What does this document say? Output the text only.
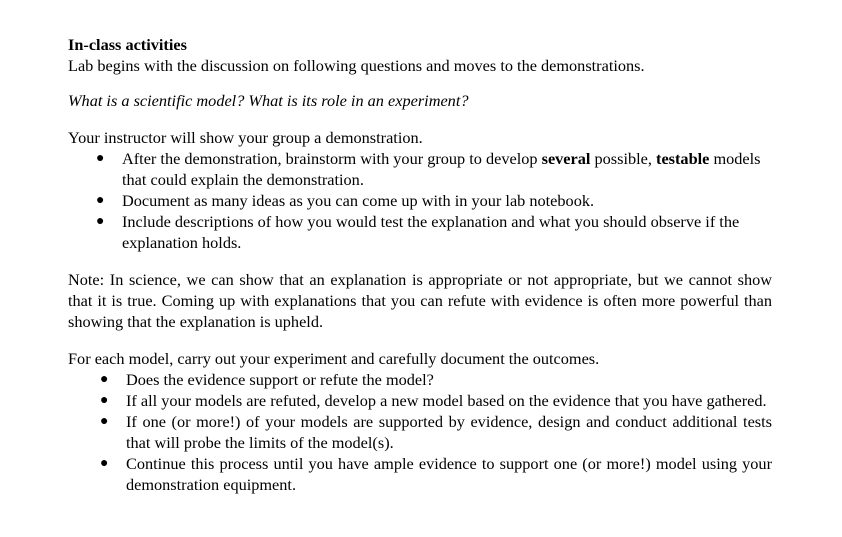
In-class activities

Lab begins with the discussion on following questions and moves to the demonstrations.

What is a scientific model? What is its role in an experiment?

Your instructor will show your group a demonstration.

● After the demonstration, brainstorm with your group to develop several possible, testable models that could explain the demonstration.
● Document as many ideas as you can come up with in your lab notebook.
● Include descriptions of how you would test the explanation and what you should observe if the explanation holds.

Note: In science, we can show that an explanation is appropriate or not appropriate, but we cannot show that it is true. Coming up with explanations that you can refute with evidence is often more powerful than showing that the explanation is upheld.

For each model, carry out your experiment and carefully document the outcomes.

● Does the evidence support or refute the model?
● If all your models are refuted, develop a new model based on the evidence that you have gathered.
● If one (or more!) of your models are supported by evidence, design and conduct additional tests that will probe the limits of the model(s).
● Continue this process until you have ample evidence to support one (or more!) model using your demonstration equipment.
